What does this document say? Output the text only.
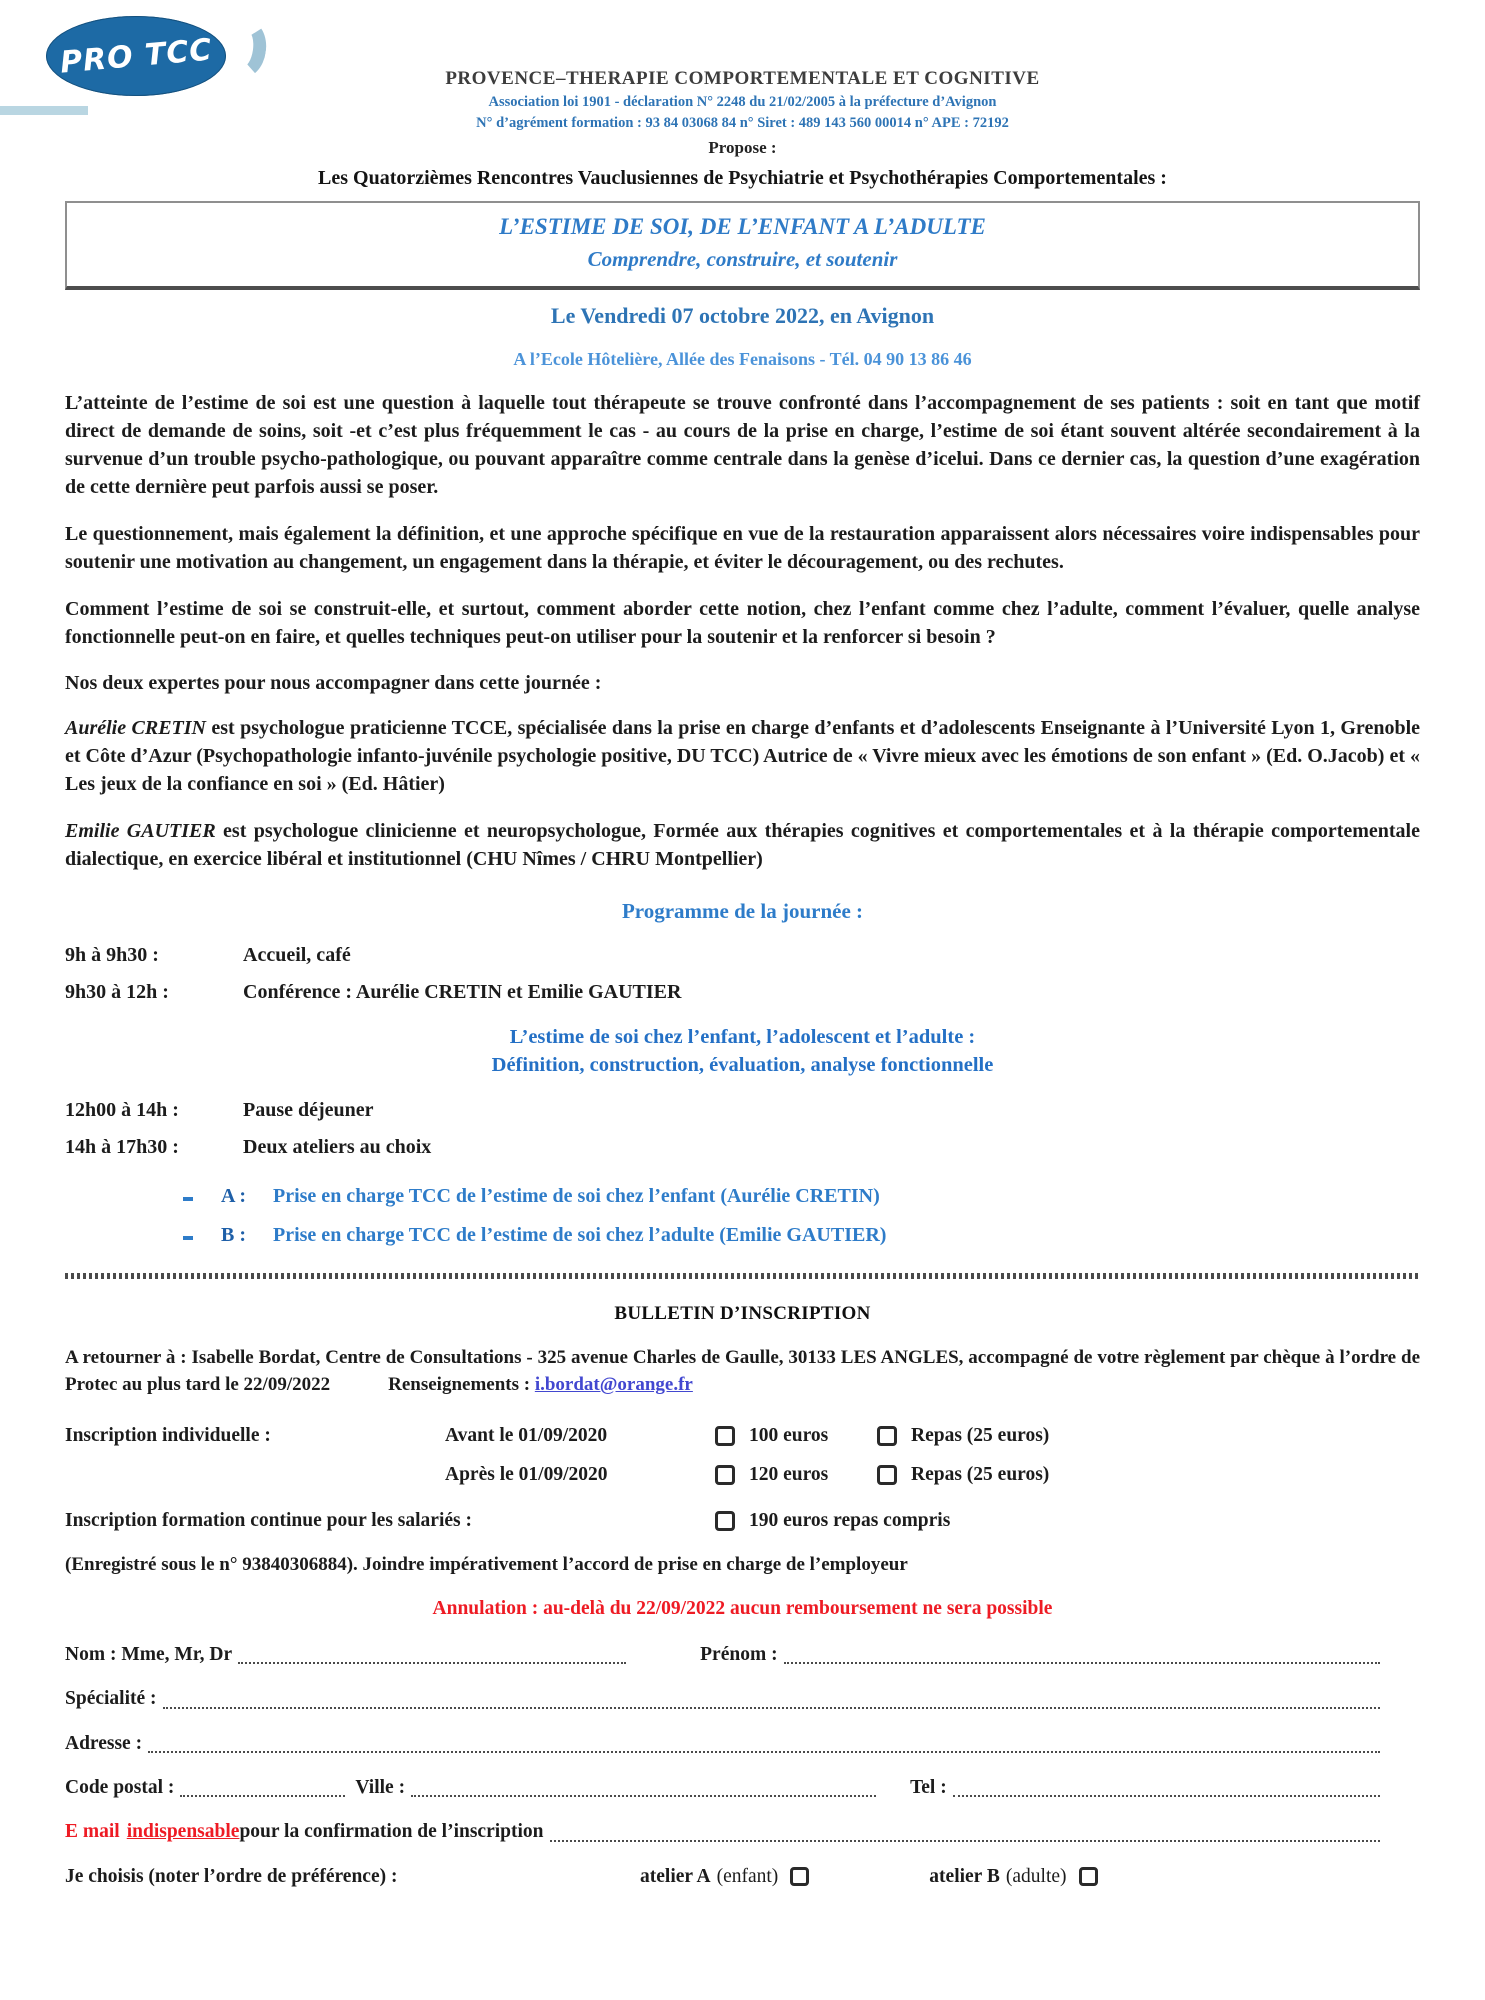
PRO TCC	PROVENCE–THERAPIE COMPORTEMENTALE ET COGNITIVE
Association loi 1901 - déclaration N° 2248 du 21/02/2005 à la préfecture d’Avignon
N° d’agrément formation : 93 84 03068 84 n° Siret : 489 143 560 00014 n° APE : 72192
Propose :
Les Quatorzièmes Rencontres Vauclusiennes de Psychiatrie et Psychothérapies Comportementales :
L’ESTIME DE SOI, DE L’ENFANT A L’ADULTE
Comprendre, construire, et soutenir
Le Vendredi 07 octobre 2022, en Avignon
A l’Ecole Hôtelière, Allée des Fenaisons - Tél. 04 90 13 86 46
L’atteinte de l’estime de soi est une question à laquelle tout thérapeute se trouve confronté dans l’accompagnement de ses patients : soit en tant que motif direct de demande de soins, soit -et c’est plus fréquemment le cas - au cours de la prise en charge, l’estime de soi étant souvent altérée secondairement à la survenue d’un trouble psycho-pathologique, ou pouvant apparaître comme centrale dans la genèse d’icelui. Dans ce dernier cas, la question d’une exagération de cette dernière peut parfois aussi se poser.
Le questionnement, mais également la définition, et une approche spécifique en vue de la restauration apparaissent alors nécessaires voire indispensables pour soutenir une motivation au changement, un engagement dans la thérapie, et éviter le découragement, ou des rechutes.
Comment l’estime de soi se construit-elle, et surtout, comment aborder cette notion, chez l’enfant comme chez l’adulte, comment l’évaluer, quelle analyse fonctionnelle peut-on en faire, et quelles techniques peut-on utiliser pour la soutenir et la renforcer si besoin ?
Nos deux expertes pour nous accompagner dans cette journée :
Aurélie CRETIN est psychologue praticienne TCCE, spécialisée dans la prise en charge d’enfants et d’adolescents Enseignante à l’Université Lyon 1, Grenoble et Côte d’Azur (Psychopathologie infanto-juvénile psychologie positive, DU TCC) Autrice de « Vivre mieux avec les émotions de son enfant » (Ed. O.Jacob) et « Les jeux de la confiance en soi » (Ed. Hâtier)
Emilie GAUTIER est psychologue clinicienne et neuropsychologue, Formée aux thérapies cognitives et comportementales et à la thérapie comportementale dialectique, en exercice libéral et institutionnel (CHU Nîmes / CHRU Montpellier)
Programme de la journée :
9h à 9h30 :	Accueil, café
9h30 à 12h :	Conférence : Aurélie CRETIN et Emilie GAUTIER
L’estime de soi chez l’enfant, l’adolescent et l’adulte :
Définition, construction, évaluation, analyse fonctionnelle
12h00 à 14h :	Pause déjeuner
14h à 17h30 :	Deux ateliers au choix
A :	Prise en charge TCC de l’estime de soi chez l’enfant (Aurélie CRETIN)
B :	Prise en charge TCC de l’estime de soi chez l’adulte (Emilie GAUTIER)
BULLETIN D’INSCRIPTION
A retourner à : Isabelle Bordat, Centre de Consultations - 325 avenue Charles de Gaulle, 30133 LES ANGLES, accompagné de votre règlement par chèque à l’ordre de Protec au plus tard le 22/09/2022	Renseignements : i.bordat@orange.fr
Inscription individuelle :	Avant le 01/09/2020	100 euros	Repas (25 euros)
Après le 01/09/2020	120 euros	Repas (25 euros)
Inscription formation continue pour les salariés :	190 euros repas compris
(Enregistré sous le n° 93840306884). Joindre impérativement l’accord de prise en charge de l’employeur
Annulation : au-delà du 22/09/2022 aucun remboursement ne sera possible
Nom : Mme, Mr, Dr	Prénom :
Spécialité :
Adresse :
Code postal :	Ville :	Tel :
E mail indispensable pour la confirmation de l’inscription
Je choisis (noter l’ordre de préférence) :	atelier A (enfant)	atelier B (adulte)
